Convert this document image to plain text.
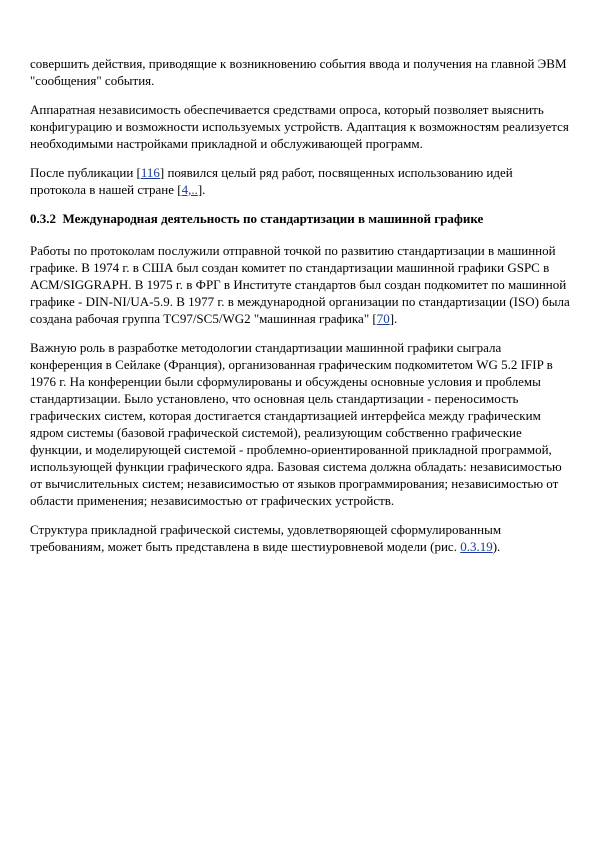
совершить действия, приводящие к возникновению события ввода и получения на главной ЭВМ "сообщения" события.

Аппаратная независимость обеспечивается средствами опроса, который позволяет выяснить конфигурацию и возможности используемых устройств. Адаптация к возможностям реализуется необходимыми настройками прикладной и обслуживающей программ.

После публикации [116] появился целый ряд работ, посвященных использованию идей протокола в нашей стране [4,..].

0.3.2 Международная деятельность по стандартизации в машинной графике

Работы по протоколам послужили отправной точкой по развитию стандартизации в машинной графике. В 1974 г. в США был создан комитет по стандартизации машинной графики GSPC в ACM/SIGGRAPH. В 1975 г. в ФРГ в Институте стандартов был создан подкомитет по машинной графике - DIN-NI/UA-5.9. В 1977 г. в международной организации по стандартизации (ISO) была создана рабочая группа TC97/SC5/WG2 "машинная графика" [70].

Важную роль в разработке методологии стандартизации машинной графики сыграла конференция в Сейлаке (Франция), организованная графическим подкомитетом WG 5.2 IFIP в 1976 г. На конференции были сформулированы и обсуждены основные условия и проблемы стандартизации. Было установлено, что основная цель стандартизации - переносимость графических систем, которая достигается стандартизацией интерфейса между графическим ядром системы (базовой графической системой), реализующим собственно графические функции, и моделирующей системой - проблемно-ориентированной прикладной программой, использующей функции графического ядра. Базовая система должна обладать: независимостью от вычислительных систем; независимостью от языков программирования; независимостью от области применения; независимостью от графических устройств.

Структура прикладной графической системы, удовлетворяющей сформулированным требованиям, может быть представлена в виде шестиуровневой модели (рис. 0.3.19).
